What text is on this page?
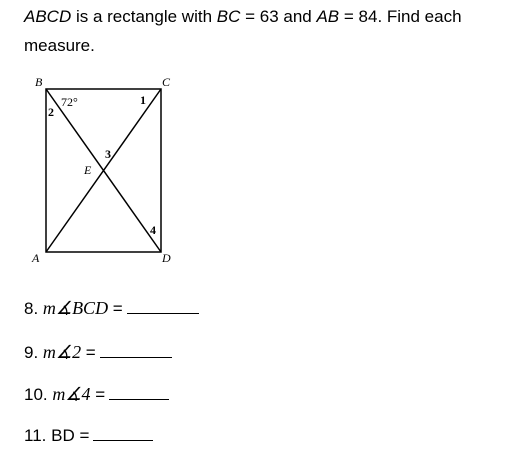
ABCD is a rectangle with BC = 63 and AB = 84. Find each measure.
B	C
A	D
E
72°	1
2
3
4
8. m∡BCD =
9. m∡2 =
10. m∡4 =
11. BD =
